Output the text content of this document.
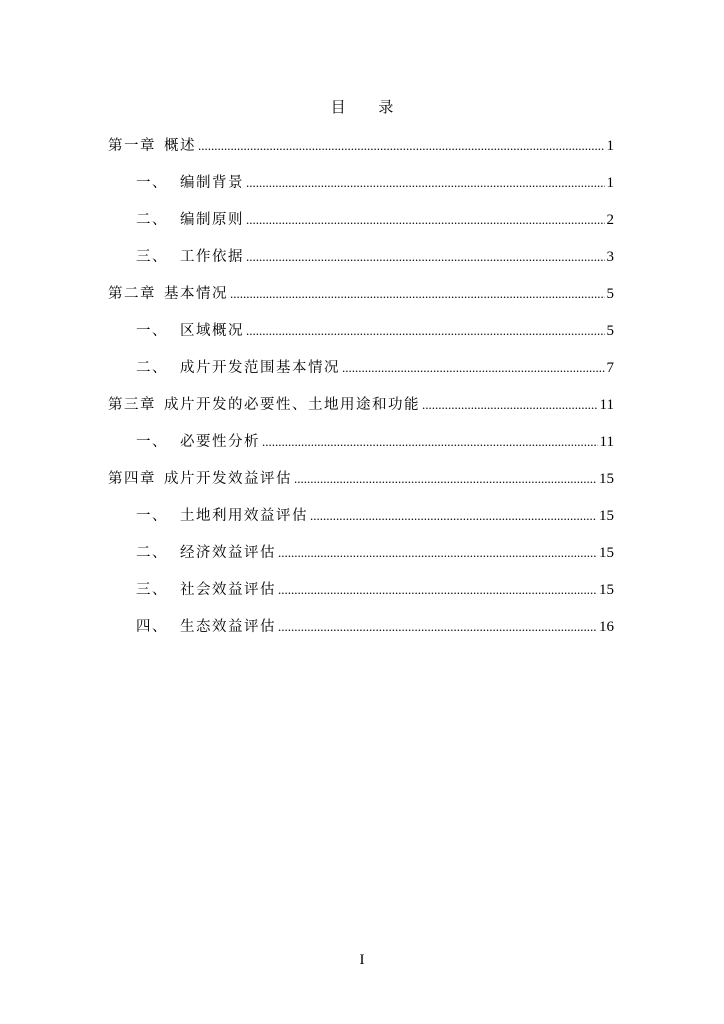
目 录
第一章 概述 .....	1
一、 编制背景 .....	1
二、 编制原则 .....	2
三、 工作依据 .....	3
第二章 基本情况 .....	5
一、 区域概况 .....	5
二、 成片开发范围基本情况 .....	7
第三章 成片开发的必要性、土地用途和功能 .....	11
一、 必要性分析 .....	11
第四章 成片开发效益评估 .....	15
一、 土地利用效益评估 .....	15
二、 经济效益评估 .....	15
三、 社会效益评估 .....	15
四、 生态效益评估 .....	16
I
